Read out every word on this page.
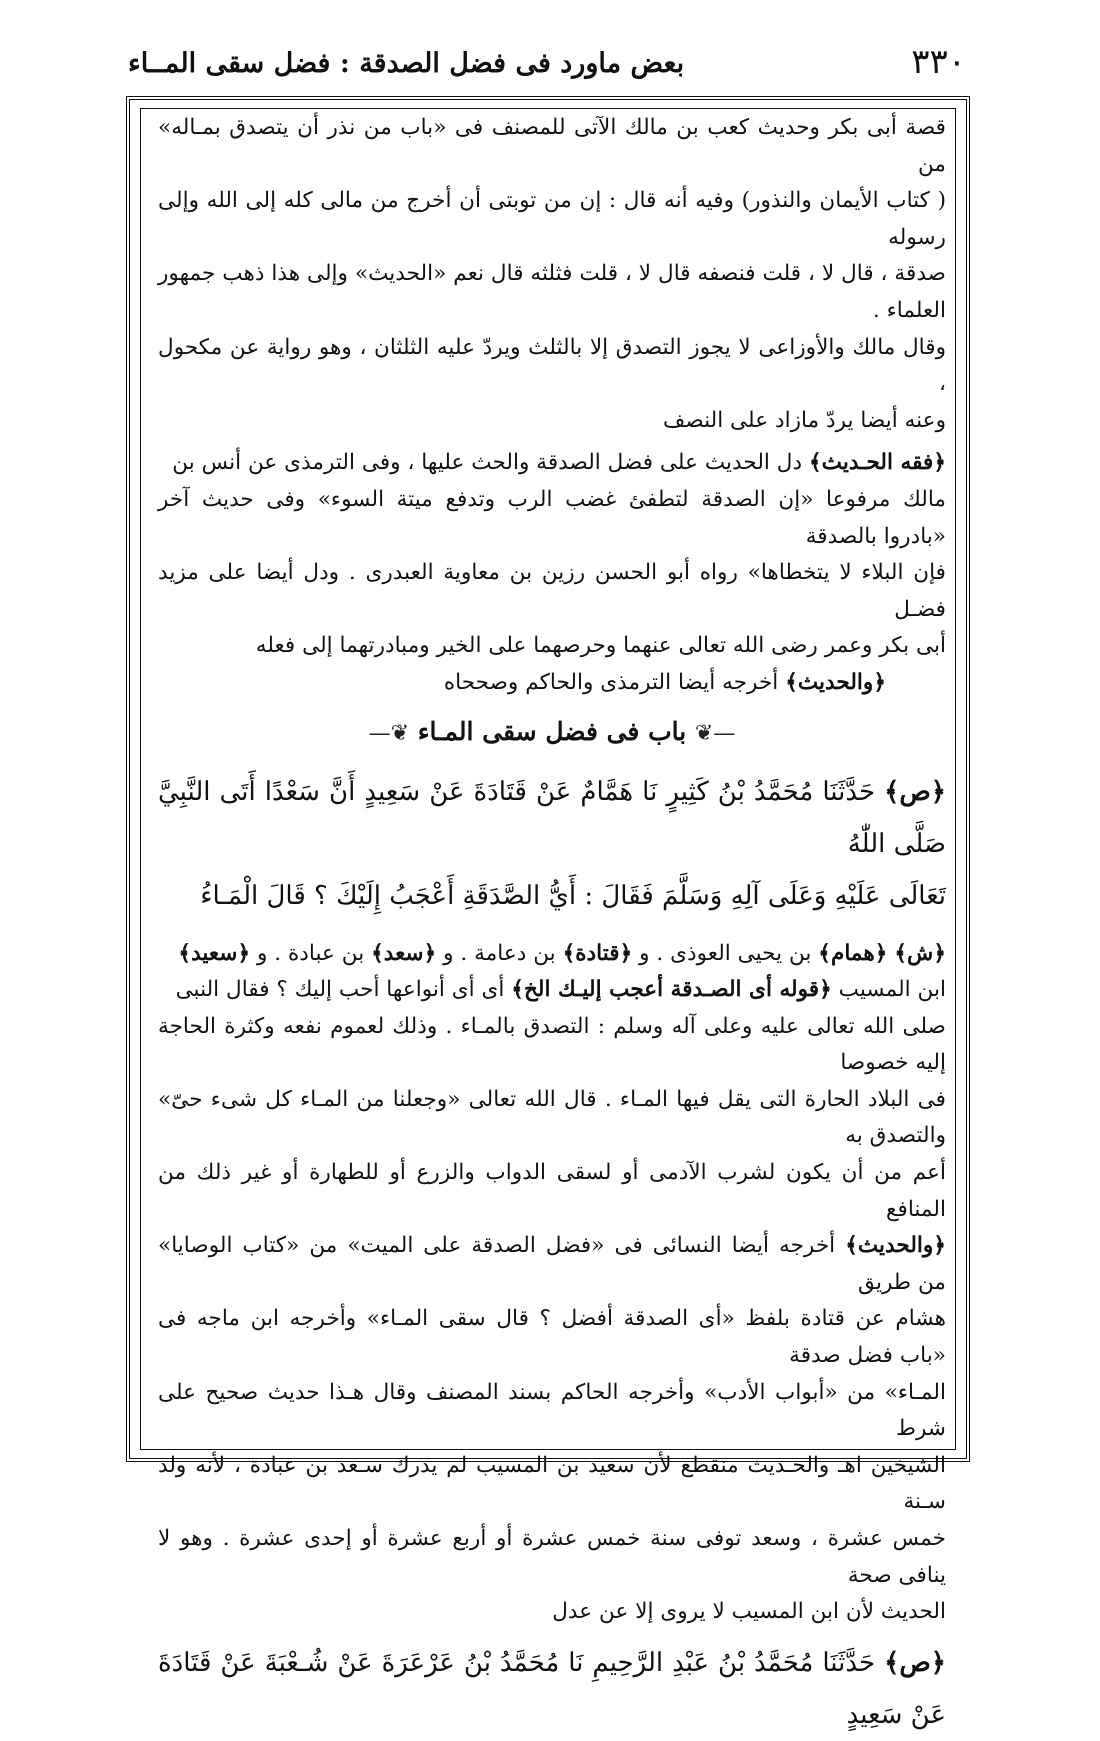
٣٣٠
بعض ماورد فى فضل الصدقة : فضل سقى المــاء
قصة أبى بكر وحديث كعب بن مالك الآتى للمصنف فى «باب من نذر أن يتصدق بمـاله» من
( كتاب الأيمان والنذور) وفيه أنه قال : إن من توبتى أن أخرج من مالى كله إلى الله وإلى رسوله
صدقة ، قال لا ، قلت فنصفه قال لا ، قلت فثلثه قال نعم «الحديث» وإلى هذا ذهب جمهور العلماء .
وقال مالك والأوزاعى لا يجوز التصدق إلا بالثلث ويردّ عليه الثلثان ، وهو رواية عن مكحول ،
وعنه أيضا يردّ مازاد على النصف
﴿ فقه الحـديث ﴾ دل الحديث على فضل الصدقة والحث عليها ، وفى الترمذى عن أنس بن
مالك مرفوعا «إن الصدقة لتطفئ غضب الرب وتدفع ميتة السوء» وفى حديث آخر «بادروا بالصدقة
فإن البلاء لا يتخطاها» رواه أبو الحسن رزين بن معاوية العبدرى . ودل أيضا على مزيد فضـل
أبى بكر وعمر رضى الله تعالى عنهما وحرصهما على الخير ومبادرتهما إلى فعله
﴿ والحديث ﴾ أخرجه أيضا الترمذى والحاكم وصححاه
—❦ باب فى فضل سقى المـاء ❦—
﴿ ص ﴾ حَدَّثَنَا مُحَمَّدُ بْنُ كَثِيرٍ نَا هَمَّامٌ عَنْ قَتَادَةَ عَنْ سَعِيدٍ أَنَّ سَعْدًا أَتَى النَّبِيَّ صَلَّى اللّٰهُ
تَعَالَى عَلَيْهِ وَعَلَى آلِهِ وَسَلَّمَ فَقَالَ : أَيُّ الصَّدَقَةِ أَعْجَبُ إِلَيْكَ ؟ قَالَ الْمَـاءُ
﴿ ش ﴾ ﴿ همام ﴾ بن يحيى العوذى . و ﴿ قتادة ﴾ بن دعامة . و ﴿ سعد ﴾ بن عبادة . و ﴿ سعيد ﴾
ابن المسيب ﴿ قوله أى الصـدقة أعجب إليـك الخ ﴾ أى أى أنواعها أحب إليك ؟ فقال النبى
صلى الله تعالى عليه وعلى آله وسلم : التصدق بالمـاء . وذلك لعموم نفعه وكثرة الحاجة إليه خصوصا
فى البلاد الحارة التى يقل فيها المـاء . قال الله تعالى «وجعلنا من المـاء كل شىء حىّ» والتصدق به
أعم من أن يكون لشرب الآدمى أو لسقى الدواب والزرع أو للطهارة أو غير ذلك من المنافع
﴿ والحديث ﴾ أخرجه أيضا النسائى فى «فضل الصدقة على الميت» من «كتاب الوصايا» من طريق
هشام عن قتادة بلفظ «أى الصدقة أفضل ؟ قال سقى المـاء» وأخرجه ابن ماجه فى «باب فضل صدقة
المـاء» من «أبواب الأدب» وأخرجه الحاكم بسند المصنف وقال هـذا حديث صحيح على شرط
الشيخين اهـ والحـديث منقطع لأن سعيد بن المسيب لم يدرك سـعد بن عبادة ، لأنه ولد سـنة
خمس عشرة ، وسعد توفى سنة خمس عشرة أو أربع عشرة أو إحدى عشرة . وهو لا ينافى صحة
الحديث لأن ابن المسيب لا يروى إلا عن عدل
﴿ ص ﴾ حَدَّثَنَا مُحَمَّدُ بْنُ عَبْدِ الرَّحِيمِ نَا مُحَمَّدُ بْنُ عَرْعَرَةَ عَنْ شُـعْبَةَ عَنْ قَتَادَةَ عَنْ سَعِيدٍ
